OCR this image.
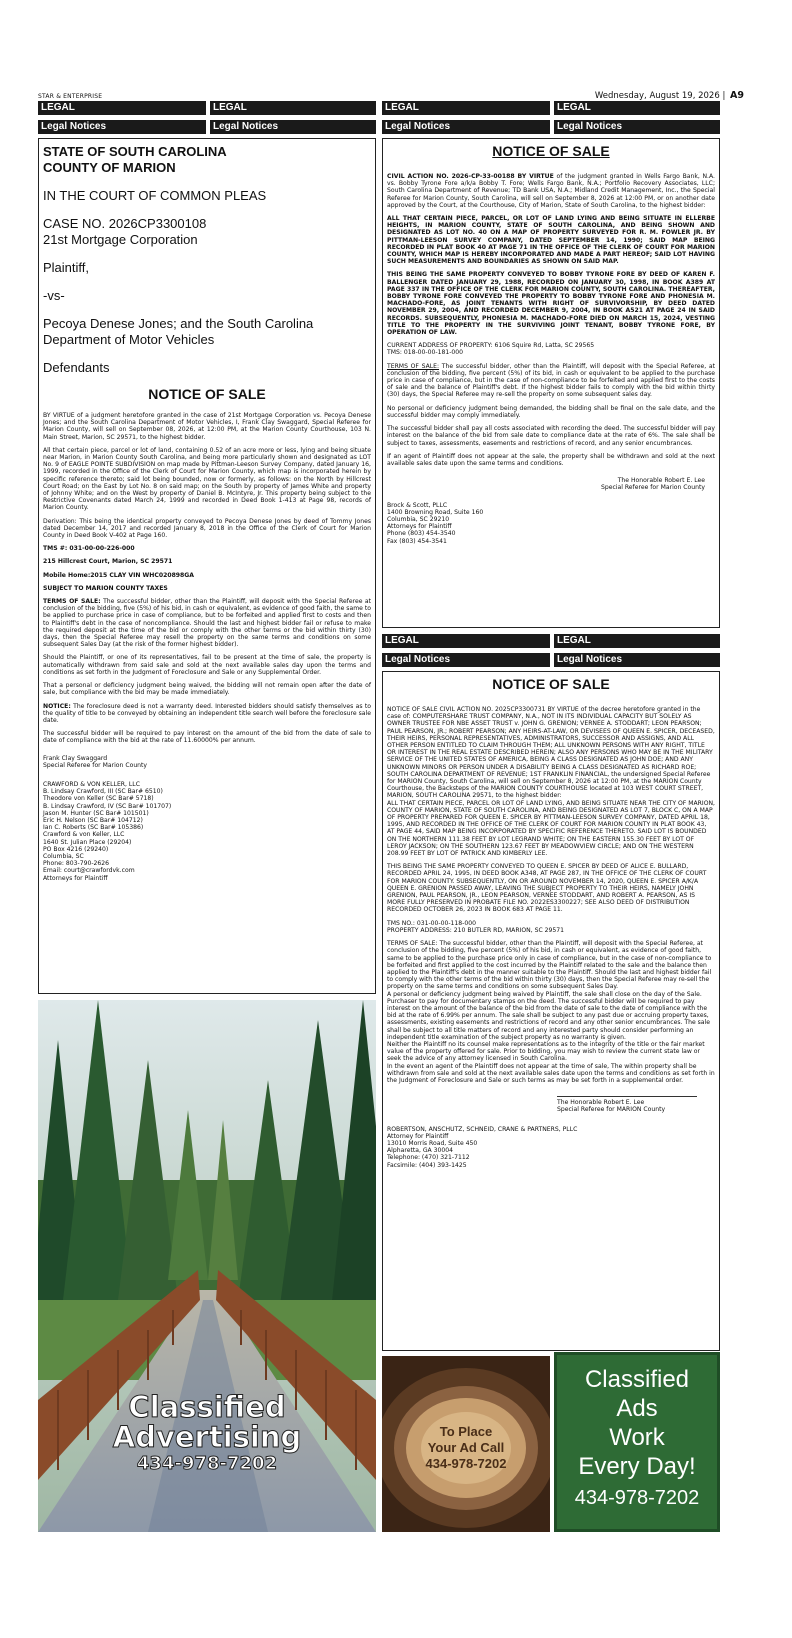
STAR & ENTERPRISE	Wednesday, August 19, 2026 | A9
LEGAL	LEGAL	LEGAL	LEGAL
Legal Notices	Legal Notices	Legal Notices	Legal Notices
STATE OF SOUTH CAROLINA
COUNTY OF MARION
IN THE COURT OF COMMON PLEAS
CASE NO. 2026CP3300108
21st Mortgage Corporation
Plaintiff,
-vs-
Pecoya Denese Jones; and the South Carolina Department of Motor Vehicles
Defendants
NOTICE OF SALE

BY VIRTUE of a judgment heretofore granted in the case of 21st Mortgage Corporation vs. Pecoya Denese Jones; and the South Carolina Department of Motor Vehicles, I, Frank Clay Swaggard, Special Referee for Marion County, will sell on September 08, 2026, at 12:00 PM, at the Marion County Courthouse, 103 N. Main Street, Marion, SC 29571, to the highest bidder.

All that certain piece, parcel or lot of land, containing 0.52 of an acre more or less, lying and being situate near Marion, in Marion County South Carolina, and being more particularly shown and designated as LOT No. 9 of EAGLE POINTE SUBDIVISION on map made by Pittman-Leeson Survey Company, dated January 16, 1999, recorded in the Office of the Clerk of Court for Marion County, which map is incorporated herein by specific reference thereto; said lot being bounded, now or formerly, as follows: on the North by Hillcrest Court Road; on the East by Lot No. 8 on said map; on the South by property of James White and property of Johnny White; and on the West by property of Daniel B. McIntyre, Jr. This property being subject to the Restrictive Covenants dated March 24, 1999 and recorded in Deed Book 1-413 at Page 98, records of Marion County.

Derivation: This being the identical property conveyed to Pecoya Denese Jones by deed of Tommy Jones dated December 14, 2017 and recorded January 8, 2018 in the Office of the Clerk of Court for Marion County in Deed Book V-402 at Page 160.

TMS #: 031-00-00-226-000

215 Hillcrest Court, Marion, SC 29571

Mobile Home:2015 CLAY VIN WHC020898GA

SUBJECT TO MARION COUNTY TAXES

TERMS OF SALE: The successful bidder, other than the Plaintiff, will deposit with the Special Referee at conclusion of the bidding, five (5%) of his bid, in cash or equivalent, as evidence of good faith, the same to be applied to purchase price in case of compliance, but to be forfeited and applied first to costs and then to Plaintiff's debt in the case of noncompliance. Should the last and highest bidder fail or refuse to make the required deposit at the time of the bid or comply with the other terms or the bid within thirty (30) days, then the Special Referee may resell the property on the same terms and conditions on some subsequent Sales Day (at the risk of the former highest bidder).

Should the Plaintiff, or one of its representatives, fail to be present at the time of sale, the property is automatically withdrawn from said sale and sold at the next available sales day upon the terms and conditions as set forth in the Judgment of Foreclosure and Sale or any Supplemental Order.

That a personal or deficiency judgment being waived, the bidding will not remain open after the date of sale, but compliance with the bid may be made immediately.

NOTICE: The foreclosure deed is not a warranty deed. Interested bidders should satisfy themselves as to the quality of title to be conveyed by obtaining an independent title search well before the foreclosure sale date.

The successful bidder will be required to pay interest on the amount of the bid from the date of sale to date of compliance with the bid at the rate of 11.60000% per annum.

Frank Clay Swaggard
Special Referee for Marion County
CRAWFORD & VON KELLER, LLC
B. Lindsay Crawford, III (SC Bar# 6510)
Theodore von Keller (SC Bar# 5718)
B. Lindsay Crawford, IV (SC Bar# 101707)
Jason M. Hunter (SC Bar# 101501)
Eric H. Nelson (SC Bar# 104712)
Ian C. Roberts (SC Bar# 105386)
Crawford & von Keller, LLC
1640 St. Julian Place (29204)
PO Box 4216 (29240)
Columbia, SC
Phone: 803-790-2626
Email: court@crawfordvk.com
Attorneys for Plaintiff
NOTICE OF SALE

CIVIL ACTION NO. 2026-CP-33-00188 BY VIRTUE of the judgment granted in Wells Fargo Bank, N.A. vs. Bobby Tyrone Fore a/k/a Bobby T. Fore; Wells Fargo Bank, N.A.; Portfolio Recovery Associates, LLC; South Carolina Department of Revenue; TD Bank USA, N.A.; Midland Credit Management, Inc., the Special Referee for Marion County, South Carolina, will sell on September 8, 2026 at 12:00 PM, or on another date approved by the Court, at the Courthouse, City of Marion, State of South Carolina, to the highest bidder:

ALL THAT CERTAIN PIECE, PARCEL, OR LOT OF LAND LYING AND BEING SITUATE IN ELLERBE HEIGHTS, IN MARION COUNTY, STATE OF SOUTH CAROLINA, AND BEING SHOWN AND DESIGNATED AS LOT NO. 40 ON A MAP OF PROPERTY SURVEYED FOR R. M. FOWLER JR. BY PITTMAN-LEESON SURVEY COMPANY, DATED SEPTEMBER 14, 1990; SAID MAP BEING RECORDED IN PLAT BOOK 40 AT PAGE 71 IN THE OFFICE OF THE CLERK OF COURT FOR MARION COUNTY, WHICH MAP IS HEREBY INCORPORATED AND MADE A PART HEREOF; SAID LOT HAVING SUCH MEASUREMENTS AND BOUNDARIES AS SHOWN ON SAID MAP.

THIS BEING THE SAME PROPERTY CONVEYED TO BOBBY TYRONE FORE BY DEED OF KAREN F. BALLENGER DATED JANUARY 29, 1988, RECORDED ON JANUARY 30, 1998, IN BOOK A389 AT PAGE 337 IN THE OFFICE OF THE CLERK FOR MARION COUNTY, SOUTH CAROLINA. THEREAFTER, BOBBY TYRONE FORE CONVEYED THE PROPERTY TO BOBBY TYRONE FORE AND PHONESIA M. MACHADO-FORE, AS JOINT TENANTS WITH RIGHT OF SURVIVORSHIP, BY DEED DATED NOVEMBER 29, 2004, AND RECORDED DECEMBER 9, 2004, IN BOOK A521 AT PAGE 24 IN SAID RECORDS. SUBSEQUENTLY, PHONESIA M. MACHADO-FORE DIED ON MARCH 15, 2024, VESTING TITLE TO THE PROPERTY IN THE SURVIVING JOINT TENANT, BOBBY TYRONE FORE, BY OPERATION OF LAW.

CURRENT ADDRESS OF PROPERTY: 6106 Squire Rd, Latta, SC 29565

TMS: 018-00-00-181-000

TERMS OF SALE: The successful bidder, other than the Plaintiff, will deposit with the Special Referee, at conclusion of the bidding, five percent (5%) of its bid, in cash or equivalent to be applied to the purchase price in case of compliance, but in the case of non-compliance to be forfeited and applied first to the costs of sale and the balance of Plaintiff's debt. If the highest bidder fails to comply with the bid within thirty (30) days, the Special Referee may re-sell the property on some subsequent sales day.

No personal or deficiency judgment being demanded, the bidding shall be final on the sale date, and the successful bidder may comply immediately.

The successful bidder shall pay all costs associated with recording the deed. The successful bidder will pay interest on the balance of the bid from sale date to compliance date at the rate of 6%. The sale shall be subject to taxes, assessments, easements and restrictions of record, and any senior encumbrances.

If an agent of Plaintiff does not appear at the sale, the property shall be withdrawn and sold at the next available sales date upon the same terms and conditions.

The Honorable Robert E. Lee
Special Referee for Marion County
Brock & Scott, PLLC
1400 Browning Road, Suite 160
Columbia, SC 29210
Attorneys for Plaintiff
Phone (803) 454-3540
Fax (803) 454-3541
LEGAL	LEGAL
Legal Notices	Legal Notices
NOTICE OF SALE
NOTICE OF SALE CIVIL ACTION NO. 2025CP3300731 BY VIRTUE of the decree heretofore granted in the case of: COMPUTERSHARE TRUST COMPANY, N.A., NOT IN ITS INDIVIDUAL CAPACITY BUT SOLELY AS OWNER TRUSTEE FOR NBE ASSET TRUST v. JOHN G. GRENION; VERNEE A. STODDART; LEON PEARSON; PAUL PEARSON, JR.; ROBERT PEARSON; ANY HEIRS-AT-LAW, OR DEVISEES OF QUEEN E. SPICER, DECEASED, THEIR HEIRS, PERSONAL REPRESENTATIVES, ADMINISTRATORS, SUCCESSOR AND ASSIGNS, AND ALL OTHER PERSON ENTITLED TO CLAIM THROUGH THEM; ALL UNKNOWN PERSONS WITH ANY RIGHT, TITLE OR INTEREST IN THE REAL ESTATE DESCRIBED HEREIN; ALSO ANY PERSONS WHO MAY BE IN THE MILITARY SERVICE OF THE UNITED STATES OF AMERICA, BEING A CLASS DESIGNATED AS JOHN DOE; AND ANY UNKNOWN MINORS OR PERSON UNDER A DISABILITY BEING A CLASS DESIGNATED AS RICHARD ROE; SOUTH CAROLINA DEPARTMENT OF REVENUE; 1ST FRANKLIN FINANCIAL, the undersigned Special Referee for MARION County, South Carolina, will sell on September 8, 2026 at 12:00 PM, at the MARION County Courthouse, the Backsteps of the MARION COUNTY COURTHOUSE located at 103 WEST COURT STREET, MARION, SOUTH CAROLINA 29571, to the highest bidder:

ALL THAT CERTAIN PIECE, PARCEL OR LOT OF LAND LYING, AND BEING SITUATE NEAR THE CITY OF MARION, COUNTY OF MARION, STATE OF SOUTH CAROLINA, AND BEING DESIGNATED AS LOT 7, BLOCK C, ON A MAP OF PROPERTY PREPARED FOR QUEEN E. SPICER BY PITTMAN-LEESON SURVEY COMPANY, DATED APRIL 18, 1995, AND RECORDED IN THE OFFICE OF THE CLERK OF COURT FOR MARION COUNTY IN PLAT BOOK 43, AT PAGE 44, SAID MAP BEING INCORPORATED BY SPECIFIC REFERENCE THERETO. SAID LOT IS BOUNDED ON THE NORTHERN 111.38 FEET BY LOT LEGRAND WHITE; ON THE EASTERN 155.30 FEET BY LOT OF LEROY JACKSON; ON THE SOUTHERN 123.67 FEET BY MEADOWVIEW CIRCLE; AND ON THE WESTERN 208.99 FEET BY LOT OF PATRICK AND KIMBERLY LEE.

THIS BEING THE SAME PROPERTY CONVEYED TO QUEEN E. SPICER BY DEED OF ALICE E. BULLARD, RECORDED APRIL 24, 1995, IN DEED BOOK A348, AT PAGE 287, IN THE OFFICE OF THE CLERK OF COURT FOR MARION COUNTY. SUBSEQUENTLY, ON OR AROUND NOVEMBER 14, 2020, QUEEN E. SPICER A/K/A QUEEN E. GRENION PASSED AWAY, LEAVING THE SUBJECT PROPERTY TO THEIR HEIRS, NAMELY JOHN GRENION, PAUL PEARSON, JR., LEON PEARSON, VERNEE STODDART, AND ROBERT A. PEARSON, AS IS MORE FULLY PRESERVED IN PROBATE FILE NO. 2022ES3300227; SEE ALSO DEED OF DISTRIBUTION RECORDED OCTOBER 26, 2023 IN BOOK 683 AT PAGE 11.

TMS NO.: 031-00-00-118-000

PROPERTY ADDRESS: 210 BUTLER RD, MARION, SC 29571

TERMS OF SALE: The successful bidder, other than the Plaintiff, will deposit with the Special Referee, at conclusion of the bidding, five percent (5%) of his bid, in cash or equivalent, as evidence of good faith, same to be applied to the purchase price only in case of compliance, but in the case of non-compliance to be forfeited and first applied to the cost incurred by the Plaintiff related to the sale and the balance then applied to the Plaintiff's debt in the manner suitable to the Plaintiff. Should the last and highest bidder fail to comply with the other terms of the bid within thirty (30) days, then the Special Referee may re-sell the property on the same terms and conditions on some subsequent Sales Day.
A personal or deficiency judgment being waived by Plaintiff, the sale shall close on the day of the Sale.
Purchaser to pay for documentary stamps on the deed. The successful bidder will be required to pay interest on the amount of the balance of the bid from the date of sale to the date of compliance with the bid at the rate of 6.99% per annum. The sale shall be subject to any past due or accruing property taxes, assessments, existing easements and restrictions of record and any other senior encumbrances. The sale shall be subject to all title matters of record and any interested party should consider performing an independent title examination of the subject property as no warranty is given.
Neither the Plaintiff no its counsel make representations as to the integrity of the title or the fair market value of the property offered for sale. Prior to bidding, you may wish to review the current state law or seek the advice of any attorney licensed in South Carolina.
In the event an agent of the Plaintiff does not appear at the time of sale, The within property shall be withdrawn from sale and sold at the next available sales date upon the terms and conditions as set forth in the Judgment of Foreclosure and Sale or such terms as may be set forth in a supplemental order.
The Honorable Robert E. Lee
Special Referee for MARION County
ROBERTSON, ANSCHUTZ, SCHNEID, CRANE & PARTNERS, PLLC
Attorney for Plaintiff
13010 Morris Road, Suite 450
Alpharetta, GA 30004
Telephone: (470) 321-7112
Facsimile: (404) 393-1425
Classified
Advertising
434-978-7202
To Place
Your Ad Call
434-978-7202
Classified
Ads
Work
Every Day!
434-978-7202
